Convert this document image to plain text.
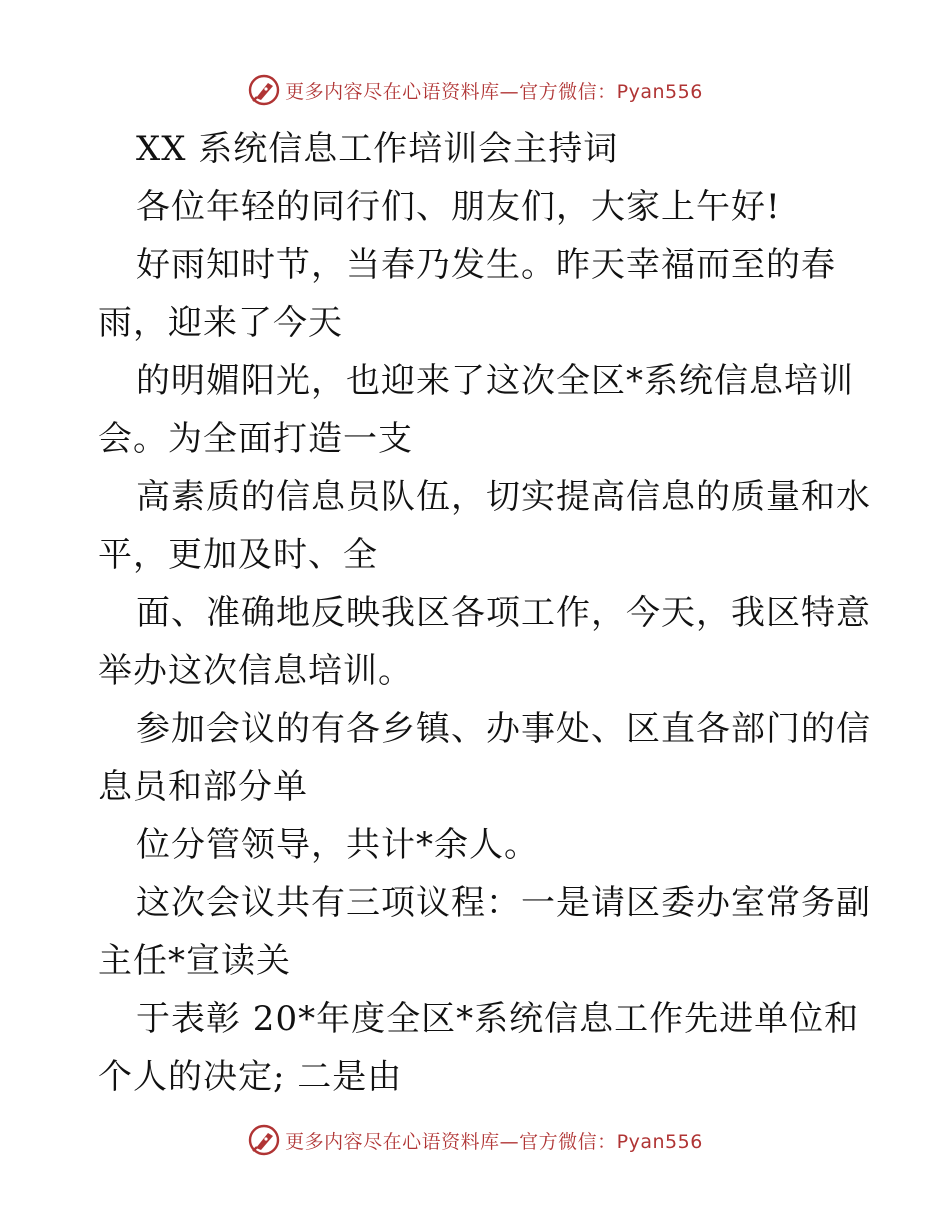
更多内容尽在心语资料库—官方微信：Pyan556
XX 系统信息工作培训会主持词
各位年轻的同行们、朋友们，大家上午好!
好雨知时节，当春乃发生。昨天幸福而至的春
雨，迎来了今天
的明媚阳光，也迎来了这次全区*系统信息培训
会。为全面打造一支
高素质的信息员队伍，切实提高信息的质量和水
平，更加及时、全
面、准确地反映我区各项工作，今天，我区特意
举办这次信息培训。
参加会议的有各乡镇、办事处、区直各部门的信
息员和部分单
位分管领导，共计*余人。
这次会议共有三项议程：一是请区委办室常务副
主任*宣读关
于表彰 20*年度全区*系统信息工作先进单位和
个人的决定; 二是由
更多内容尽在心语资料库—官方微信：Pyan556
